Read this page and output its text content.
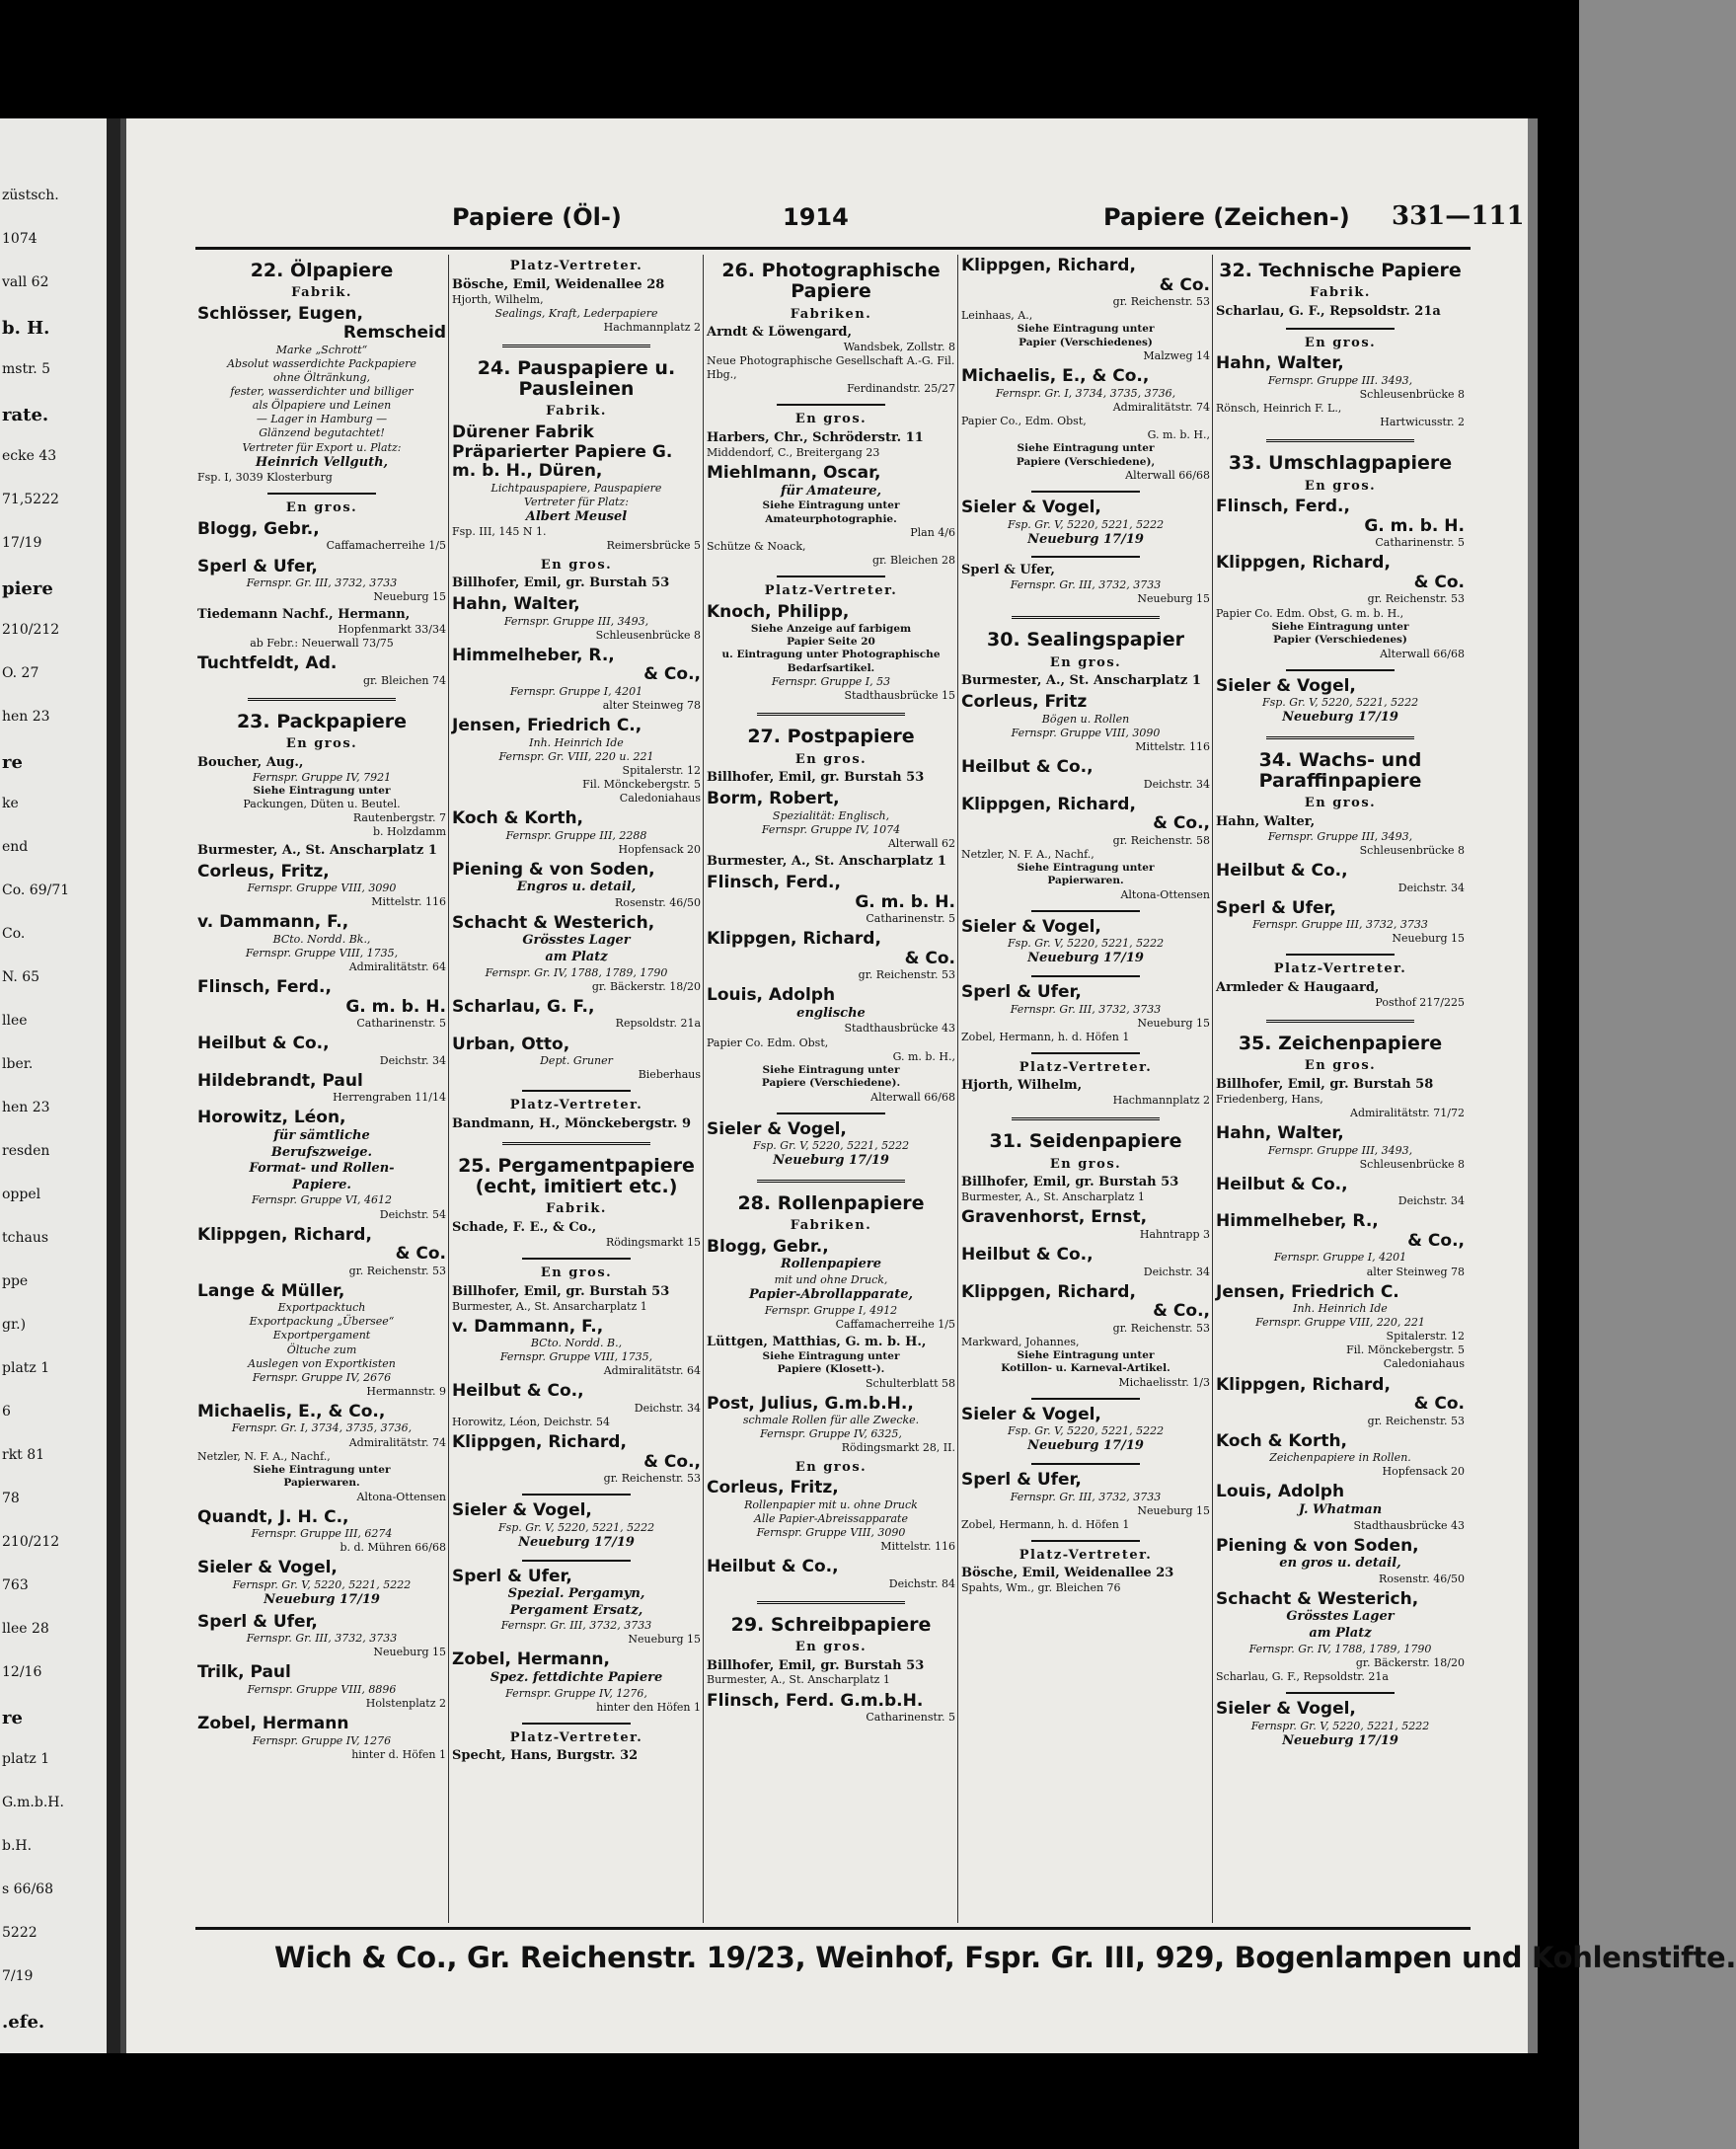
züstsch.
1074
vall 62
b. H.
mstr. 5
rate.
ecke 43
71,5222
17/19
piere
210/212
O. 27
hen 23
re
ke
end
Co. 69/71
Co.
N. 65
llee
lber.
hen 23
resden
oppel
tchaus
ppe
gr.)
platz 1
6
rkt 81
78
210/212
763
llee 28
12/16
re
platz 1
G.m.b.H.
b.H.
s 66/68
5222
7/19
.efe.
Papiere (Öl-)	1914	Papiere (Zeichen-) 331—111
22. Ölpapiere
Fabrik.
Schlösser, Eugen,
Remscheid
Marke „Schrott“
Absolut wasserdichte Packpapiere
ohne Öltränkung,
fester, wasserdichter und billiger
als Ölpapiere und Leinen
— Lager in Hamburg —
Glänzend begutachtet!
Vertreter für Export u. Platz:
Heinrich Vellguth,
Fsp. I, 3039 Klosterburg
En gros.
Blogg, Gebr.,
Caffamacherreihe 1/5
Sperl & Ufer,
Fernspr. Gr. III, 3732, 3733
Neueburg 15
Tiedemann Nachf., Hermann,
Hopfenmarkt 33/34
ab Febr.: Neuerwall 73/75
Tuchtfeldt, Ad.
gr. Bleichen 74
23. Packpapiere
En gros.
Boucher, Aug.,
Fernspr. Gruppe IV, 7921
Siehe Eintragung unter
Packungen, Düten u. Beutel.
Rautenbergstr. 7
b. Holzdamm
Burmester, A., St. Anscharplatz 1
Corleus, Fritz,
Fernspr. Gruppe VIII, 3090
Mittelstr. 116
v. Dammann, F.,
BCto. Nordd. Bk.,
Fernspr. Gruppe VIII, 1735,
Admiralitätstr. 64
Flinsch, Ferd.,
G. m. b. H.
Catharinenstr. 5
Heilbut & Co.,
Deichstr. 34
Hildebrandt, Paul
Herrengraben 11/14
Horowitz, Léon,
für sämtliche
Berufszweige.
Format- und Rollen-
Papiere.
Fernspr. Gruppe VI, 4612
Deichstr. 54
Klippgen, Richard,
& Co.
gr. Reichenstr. 53
Lange & Müller,
Exportpacktuch
Exportpackung „Übersee“
Exportpergament
Öltuche zum
Auslegen von Exportkisten
Fernspr. Gruppe IV, 2676
Hermannstr. 9
Michaelis, E., & Co.,
Fernspr. Gr. I, 3734, 3735, 3736,
Admiralitätstr. 74
Netzler, N. F. A., Nachf.,
Siehe Eintragung unter
Papierwaren.
Altona-Ottensen
Quandt, J. H. C.,
Fernspr. Gruppe III, 6274
b. d. Mühren 66/68
Sieler & Vogel,
Fernspr. Gr. V, 5220, 5221, 5222
Neueburg 17/19
Sperl & Ufer,
Fernspr. Gr. III, 3732, 3733
Neueburg 15
Trilk, Paul
Fernspr. Gruppe VIII, 8896
Holstenplatz 2
Zobel, Hermann
Fernspr. Gruppe IV, 1276
hinter d. Höfen 1
Platz-Vertreter.
Bösche, Emil, Weidenallee 28
Hjorth, Wilhelm,
Sealings, Kraft, Lederpapiere
Hachmannplatz 2
24. Pauspapiere u. Pausleinen
Fabrik.
Dürener Fabrik Präparierter Papiere G. m. b. H., Düren,
Lichtpauspapiere, Pauspapiere
Vertreter für Platz:
Albert Meusel
Fsp. III, 145 N 1.
Reimersbrücke 5
En gros.
Billhofer, Emil, gr. Burstah 53
Hahn, Walter,
Fernspr. Gruppe III, 3493,
Schleusenbrücke 8
Himmelheber, R.,
& Co.,
Fernspr. Gruppe I, 4201
alter Steinweg 78
Jensen, Friedrich C.,
Inh. Heinrich Ide
Fernspr. Gr. VIII, 220 u. 221
Spitalerstr. 12
Fil. Mönckebergstr. 5
Caledoniahaus
Koch & Korth,
Fernspr. Gruppe III, 2288
Hopfensack 20
Piening & von Soden,
Engros u. detail,
Rosenstr. 46/50
Schacht & Westerich,
Grösstes Lager
am Platz
Fernspr. Gr. IV, 1788, 1789, 1790
gr. Bäckerstr. 18/20
Scharlau, G. F.,
Repsoldstr. 21a
Urban, Otto,
Dept. Gruner
Bieberhaus
Platz-Vertreter.
Bandmann, H., Mönckebergstr. 9
25. Pergamentpapiere (echt, imitiert etc.)
Fabrik.
Schade, F. E., & Co.,
Rödingsmarkt 15
En gros.
Billhofer, Emil, gr. Burstah 53
Burmester, A., St. Ansarcharplatz 1
v. Dammann, F.,
BCto. Nordd. B.,
Fernspr. Gruppe VIII, 1735,
Admiralitätstr. 64
Heilbut & Co.,
Deichstr. 34
Horowitz, Léon, Deichstr. 54
Klippgen, Richard,
& Co.,
gr. Reichenstr. 53
Sieler & Vogel,
Fsp. Gr. V, 5220, 5221, 5222
Neueburg 17/19
Sperl & Ufer,
Spezial. Pergamyn,
Pergament Ersatz,
Fernspr. Gr. III, 3732, 3733
Neueburg 15
Zobel, Hermann,
Spez. fettdichte Papiere
Fernspr. Gruppe IV, 1276,
hinter den Höfen 1
Platz-Vertreter.
Specht, Hans, Burgstr. 32
26. Photographische Papiere
Fabriken.
Arndt & Löwengard,
Wandsbek, Zollstr. 8
Neue Photographische Gesellschaft A.-G. Fil. Hbg.,
Ferdinandstr. 25/27
En gros.
Harbers, Chr., Schröderstr. 11
Middendorf, C., Breitergang 23
Miehlmann, Oscar,
für Amateure,
Siehe Eintragung unter
Amateurphotographie.
Plan 4/6
Schütze & Noack,
gr. Bleichen 28
Platz-Vertreter.
Knoch, Philipp,
Siehe Anzeige auf farbigem
Papier Seite 20
u. Eintragung unter Photographische Bedarfsartikel.
Fernspr. Gruppe I, 53
Stadthausbrücke 15
27. Postpapiere
En gros.
Billhofer, Emil, gr. Burstah 53
Borm, Robert,
Spezialität: Englisch,
Fernspr. Gruppe IV, 1074
Alterwall 62
Burmester, A., St. Anscharplatz 1
Flinsch, Ferd.,
G. m. b. H.
Catharinenstr. 5
Klippgen, Richard,
& Co.
gr. Reichenstr. 53
Louis, Adolph
englische
Stadthausbrücke 43
Papier Co. Edm. Obst,
G. m. b. H.,
Siehe Eintragung unter
Papiere (Verschiedene).
Alterwall 66/68
Sieler & Vogel,
Fsp. Gr. V, 5220, 5221, 5222
Neueburg 17/19
28. Rollenpapiere
Fabriken.
Blogg, Gebr.,
Rollenpapiere
mit und ohne Druck,
Papier-Abrollapparate,
Fernspr. Gruppe I, 4912
Caffamacherreihe 1/5
Lüttgen, Matthias, G. m. b. H.,
Siehe Eintragung unter
Papiere (Klosett-).
Schulterblatt 58
Post, Julius, G.m.b.H.,
schmale Rollen für alle Zwecke.
Fernspr. Gruppe IV, 6325,
Rödingsmarkt 28, II.
En gros.
Corleus, Fritz,
Rollenpapier mit u. ohne Druck
Alle Papier-Abreissapparate
Fernspr. Gruppe VIII, 3090
Mittelstr. 116
Heilbut & Co.,
Deichstr. 84
29. Schreibpapiere
En gros.
Billhofer, Emil, gr. Burstah 53
Burmester, A., St. Anscharplatz 1
Flinsch, Ferd. G.m.b.H.
Catharinenstr. 5
Klippgen, Richard,
& Co.
gr. Reichenstr. 53
Leinhaas, A.,
Siehe Eintragung unter
Papier (Verschiedenes)
Malzweg 14
Michaelis, E., & Co.,
Fernspr. Gr. I, 3734, 3735, 3736,
Admiralitätstr. 74
Papier Co., Edm. Obst,
G. m. b. H.,
Siehe Eintragung unter
Papiere (Verschiedene),
Alterwall 66/68
Sieler & Vogel,
Fsp. Gr. V, 5220, 5221, 5222
Neueburg 17/19
Sperl & Ufer,
Fernspr. Gr. III, 3732, 3733
Neueburg 15
30. Sealingspapier
En gros.
Burmester, A., St. Anscharplatz 1
Corleus, Fritz
Bögen u. Rollen
Fernspr. Gruppe VIII, 3090
Mittelstr. 116
Heilbut & Co.,
Deichstr. 34
Klippgen, Richard,
& Co.,
gr. Reichenstr. 58
Netzler, N. F. A., Nachf.,
Siehe Eintragung unter
Papierwaren.
Altona-Ottensen
Sieler & Vogel,
Fsp. Gr. V, 5220, 5221, 5222
Neueburg 17/19
Sperl & Ufer,
Fernspr. Gr. III, 3732, 3733
Neueburg 15
Zobel, Hermann, h. d. Höfen 1
Platz-Vertreter.
Hjorth, Wilhelm,
Hachmannplatz 2
31. Seidenpapiere
En gros.
Billhofer, Emil, gr. Burstah 53
Burmester, A., St. Anscharplatz 1
Gravenhorst, Ernst,
Hahntrapp 3
Heilbut & Co.,
Deichstr. 34
Klippgen, Richard,
& Co.,
gr. Reichenstr. 53
Markward, Johannes,
Siehe Eintragung unter
Kotillon- u. Karneval-Artikel.
Michaelisstr. 1/3
Sieler & Vogel,
Fsp. Gr. V, 5220, 5221, 5222
Neueburg 17/19
Sperl & Ufer,
Fernspr. Gr. III, 3732, 3733
Neueburg 15
Zobel, Hermann, h. d. Höfen 1
Platz-Vertreter.
Bösche, Emil, Weidenallee 23
Spahts, Wm., gr. Bleichen 76
32. Technische Papiere
Fabrik.
Scharlau, G. F., Repsoldstr. 21a
En gros.
Hahn, Walter,
Fernspr. Gruppe III. 3493,
Schleusenbrücke 8
Rönsch, Heinrich F. L.,
Hartwicusstr. 2
33. Umschlagpapiere
En gros.
Flinsch, Ferd.,
G. m. b. H.
Catharinenstr. 5
Klippgen, Richard,
& Co.
gr. Reichenstr. 53
Papier Co. Edm. Obst, G. m. b. H.,
Siehe Eintragung unter
Papier (Verschiedenes)
Alterwall 66/68
Sieler & Vogel,
Fsp. Gr. V, 5220, 5221, 5222
Neueburg 17/19
34. Wachs- und Paraffinpapiere
En gros.
Hahn, Walter,
Fernspr. Gruppe III, 3493,
Schleusenbrücke 8
Heilbut & Co.,
Deichstr. 34
Sperl & Ufer,
Fernspr. Gruppe III, 3732, 3733
Neueburg 15
Platz-Vertreter.
Armleder & Haugaard,
Posthof 217/225
35. Zeichenpapiere
En gros.
Billhofer, Emil, gr. Burstah 58
Friedenberg, Hans,
Admiralitätstr. 71/72
Hahn, Walter,
Fernspr. Gruppe III, 3493,
Schleusenbrücke 8
Heilbut & Co.,
Deichstr. 34
Himmelheber, R.,
& Co.,
Fernspr. Gruppe I, 4201
alter Steinweg 78
Jensen, Friedrich C.
Inh. Heinrich Ide
Fernspr. Gruppe VIII, 220, 221
Spitalerstr. 12
Fil. Mönckebergstr. 5
Caledoniahaus
Klippgen, Richard,
& Co.
gr. Reichenstr. 53
Koch & Korth,
Zeichenpapiere in Rollen.
Hopfensack 20
Louis, Adolph
J. Whatman
Stadthausbrücke 43
Piening & von Soden,
en gros u. detail,
Rosenstr. 46/50
Schacht & Westerich,
Grösstes Lager
am Platz
Fernspr. Gr. IV, 1788, 1789, 1790
gr. Bäckerstr. 18/20
Scharlau, G. F., Repsoldstr. 21a
Sieler & Vogel,
Fernspr. Gr. V, 5220, 5221, 5222
Neueburg 17/19
Wich & Co., Gr. Reichenstr. 19/23, Weinhof, Fspr. Gr. III, 929, Bogenlampen und Kohlenstifte.
